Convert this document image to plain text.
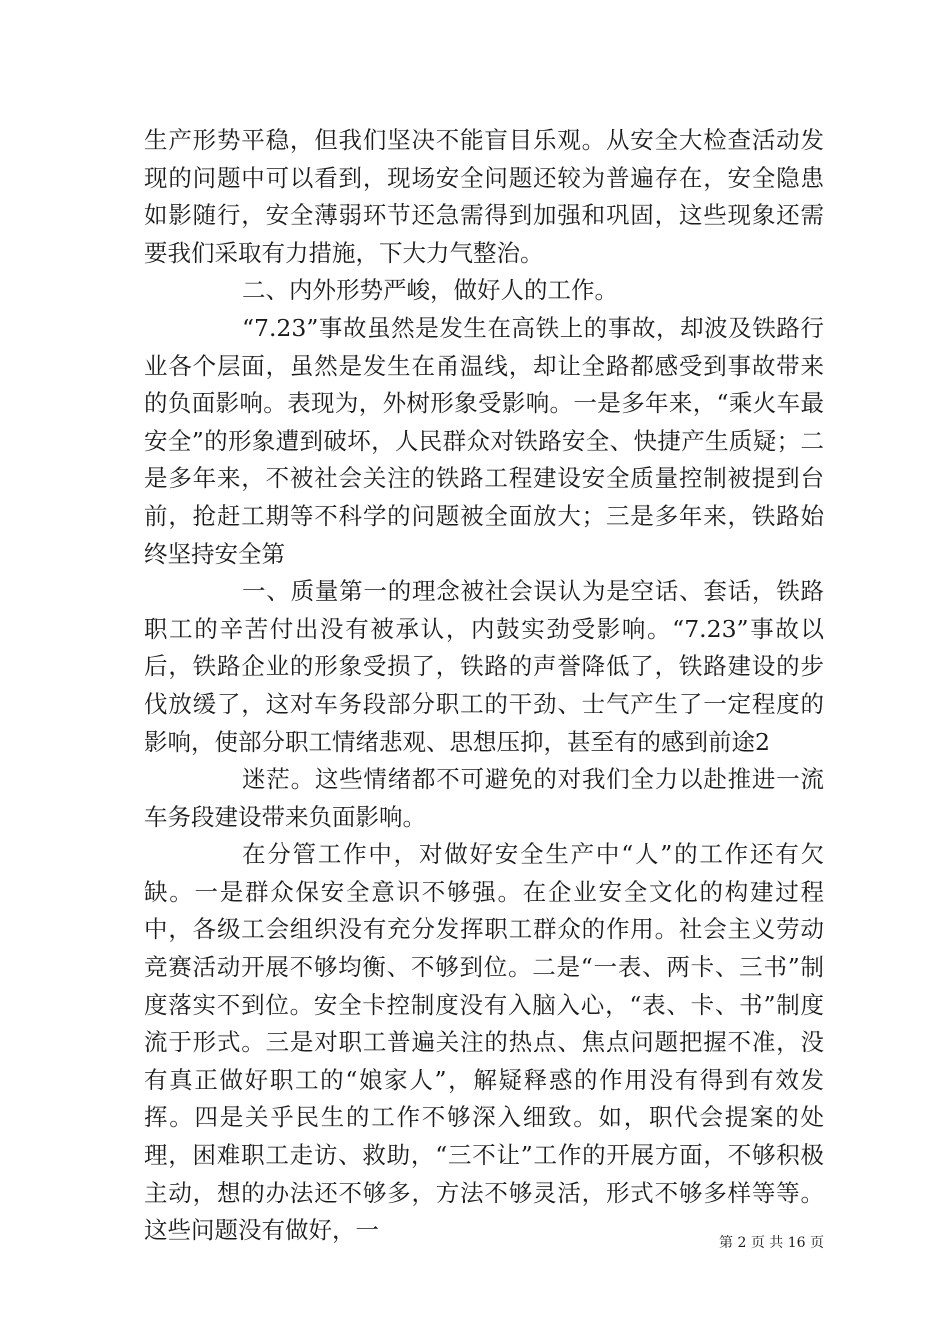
生产形势平稳，但我们坚决不能盲目乐观。从安全大检查活动发现的问题中可以看到，现场安全问题还较为普遍存在，安全隐患如影随行，安全薄弱环节还急需得到加强和巩固，这些现象还需要我们采取有力措施，下大力气整治。

二、内外形势严峻，做好人的工作。

“7.23”事故虽然是发生在高铁上的事故，却波及铁路行业各个层面，虽然是发生在甬温线，却让全路都感受到事故带来的负面影响。表现为，外树形象受影响。一是多年来，“乘火车最安全”的形象遭到破坏，人民群众对铁路安全、快捷产生质疑；二是多年来，不被社会关注的铁路工程建设安全质量控制被提到台前，抢赶工期等不科学的问题被全面放大；三是多年来，铁路始终坚持安全第

一、质量第一的理念被社会误认为是空话、套话，铁路职工的辛苦付出没有被承认，内鼓实劲受影响。“7.23”事故以后，铁路企业的形象受损了，铁路的声誉降低了，铁路建设的步伐放缓了，这对车务段部分职工的干劲、士气产生了一定程度的影响，使部分职工情绪悲观、思想压抑，甚至有的感到前途2

迷茫。这些情绪都不可避免的对我们全力以赴推进一流车务段建设带来负面影响。

在分管工作中，对做好安全生产中“人”的工作还有欠缺。一是群众保安全意识不够强。在企业安全文化的构建过程中，各级工会组织没有充分发挥职工群众的作用。社会主义劳动竞赛活动开展不够均衡、不够到位。二是“一表、两卡、三书”制度落实不到位。安全卡控制度没有入脑入心，“表、卡、书”制度流于形式。三是对职工普遍关注的热点、焦点问题把握不准，没有真正做好职工的“娘家人”，解疑释惑的作用没有得到有效发挥。四是关乎民生的工作不够深入细致。如，职代会提案的处理，困难职工走访、救助，“三不让”工作的开展方面，不够积极主动，想的办法还不够多，方法不够灵活，形式不够多样等等。这些问题没有做好，一	第 2 页 共 16 页
